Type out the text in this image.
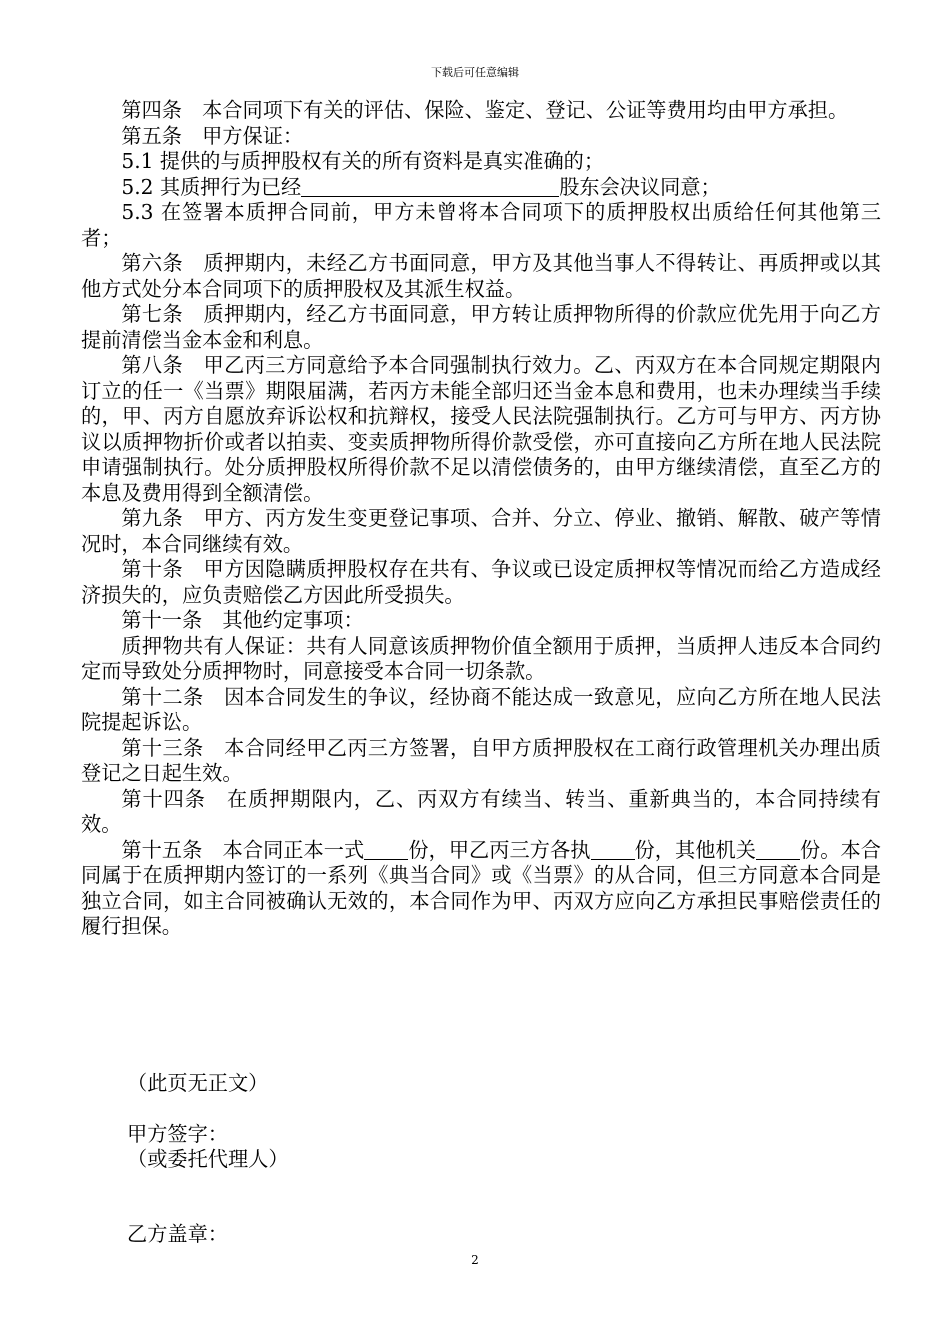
下载后可任意编辑

第四条　本合同项下有关的评估、保险、鉴定、登记、公证等费用均由甲方承担。

第五条　甲方保证：

5.1 提供的与质押股权有关的所有资料是真实准确的；

5.2 其质押行为已经	股东会决议同意；

5.3 在签署本质押合同前，甲方未曾将本合同项下的质押股权出质给任何其他第三者；

第六条　质押期内，未经乙方书面同意，甲方及其他当事人不得转让、再质押或以其他方式处分本合同项下的质押股权及其派生权益。

第七条　质押期内，经乙方书面同意，甲方转让质押物所得的价款应优先用于向乙方提前清偿当金本金和利息。

第八条　甲乙丙三方同意给予本合同强制执行效力。乙、丙双方在本合同规定期限内订立的任一《当票》期限届满，若丙方未能全部归还当金本息和费用，也未办理续当手续的，甲、丙方自愿放弃诉讼权和抗辩权，接受人民法院强制执行。乙方可与甲方、丙方协议以质押物折价或者以拍卖、变卖质押物所得价款受偿，亦可直接向乙方所在地人民法院申请强制执行。处分质押股权所得价款不足以清偿债务的，由甲方继续清偿，直至乙方的本息及费用得到全额清偿。

第九条　甲方、丙方发生变更登记事项、合并、分立、停业、撤销、解散、破产等情况时，本合同继续有效。

第十条　甲方因隐瞒质押股权存在共有、争议或已设定质押权等情况而给乙方造成经济损失的，应负责赔偿乙方因此所受损失。

第十一条　其他约定事项：

质押物共有人保证：共有人同意该质押物价值全额用于质押，当质押人违反本合同约定而导致处分质押物时，同意接受本合同一切条款。

第十二条　因本合同发生的争议，经协商不能达成一致意见，应向乙方所在地人民法院提起诉讼。

第十三条　本合同经甲乙丙三方签署，自甲方质押股权在工商行政管理机关办理出质登记之日起生效。

第十四条　在质押期限内，乙、丙双方有续当、转当、重新典当的，本合同持续有效。

第十五条　本合同正本一式 份，甲乙丙三方各执 份，其他机关 份。本合同属于在质押期内签订的一系列《典当合同》或《当票》的从合同，但三方同意本合同是独立合同，如主合同被确认无效的，本合同作为甲、丙双方应向乙方承担民事赔偿责任的履行担保。

（此页无正文）
甲方签字：
（或委托代理人）
乙方盖章：
2
